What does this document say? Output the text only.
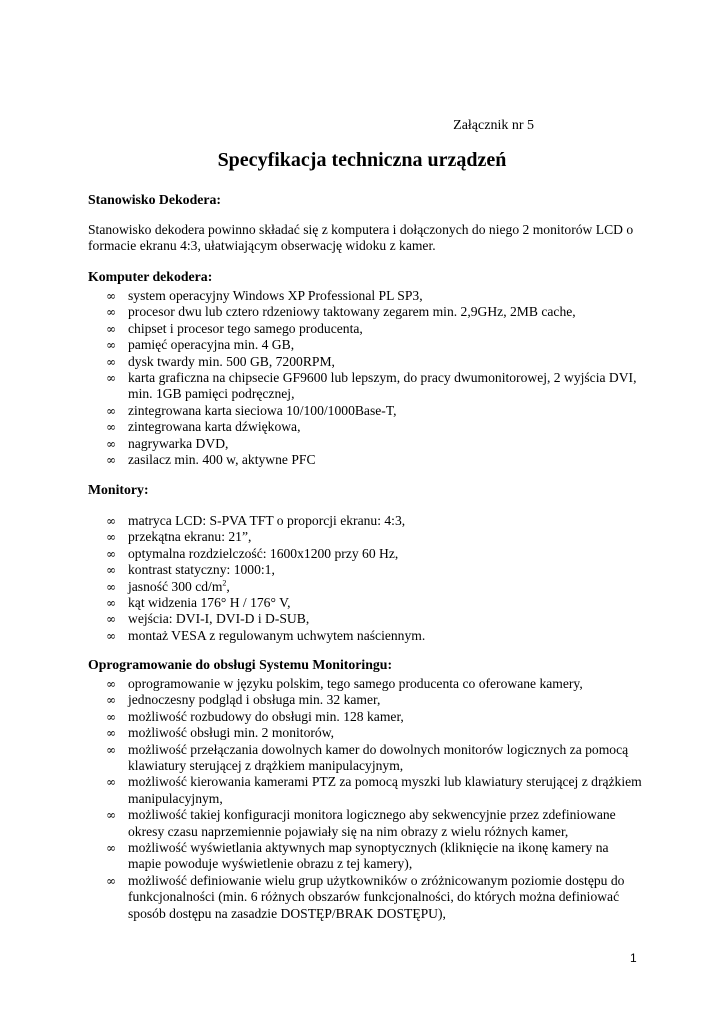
Załącznik nr 5
Specyfikacja techniczna urządzeń
Stanowisko Dekodera:
Stanowisko dekodera powinno składać się z komputera i dołączonych do niego 2 monitorów LCD o
formacie ekranu 4:3, ułatwiającym obserwację widoku z kamer.
Komputer dekodera:
∞ system operacyjny Windows XP Professional PL SP3,
∞ procesor dwu lub cztero rdzeniowy taktowany zegarem min. 2,9GHz, 2MB cache,
∞ chipset i procesor tego samego producenta,
∞ pamięć operacyjna min. 4 GB,
∞ dysk twardy min. 500 GB, 7200RPM,
∞ karta graficzna na chipsecie GF9600 lub lepszym, do pracy dwumonitorowej, 2 wyjścia DVI,
min. 1GB pamięci podręcznej,
∞ zintegrowana karta sieciowa 10/100/1000Base-T,
∞ zintegrowana karta dźwiękowa,
∞ nagrywarka DVD,
∞ zasilacz min. 400 w, aktywne PFC
Monitory:
∞ matryca LCD: S-PVA TFT o proporcji ekranu: 4:3,
∞ przekątna ekranu: 21”,
∞ optymalna rozdzielczość: 1600x1200 przy 60 Hz,
∞ kontrast statyczny: 1000:1,
∞ jasność 300 $cd/m^2$,
∞ kąt widzenia 176° H / 176° V,
∞ wejścia: DVI-I, DVI-D i D-SUB,
∞ montaż VESA z regulowanym uchwytem naściennym.
Oprogramowanie do obsługi Systemu Monitoringu:
∞ oprogramowanie w języku polskim, tego samego producenta co oferowane kamery,
∞ jednoczesny podgląd i obsługa min. 32 kamer,
∞ możliwość rozbudowy do obsługi min. 128 kamer,
∞ możliwość obsługi min. 2 monitorów,
∞ możliwość przełączania dowolnych kamer do dowolnych monitorów logicznych za pomocą
klawiatury sterującej z drążkiem manipulacyjnym,
∞ możliwość kierowania kamerami PTZ za pomocą myszki lub klawiatury sterującej z drążkiem
manipulacyjnym,
∞ możliwość takiej konfiguracji monitora logicznego aby sekwencyjnie przez zdefiniowane
okresy czasu naprzemiennie pojawiały się na nim obrazy z wielu różnych kamer,
∞ możliwość wyświetlania aktywnych map synoptycznych (kliknięcie na ikonę kamery na
mapie powoduje wyświetlenie obrazu z tej kamery),
∞ możliwość definiowanie wielu grup użytkowników o zróżnicowanym poziomie dostępu do
funkcjonalności (min. 6 różnych obszarów funkcjonalności, do których można definiować
sposób dostępu na zasadzie DOSTĘP/BRAK DOSTĘPU),
1
